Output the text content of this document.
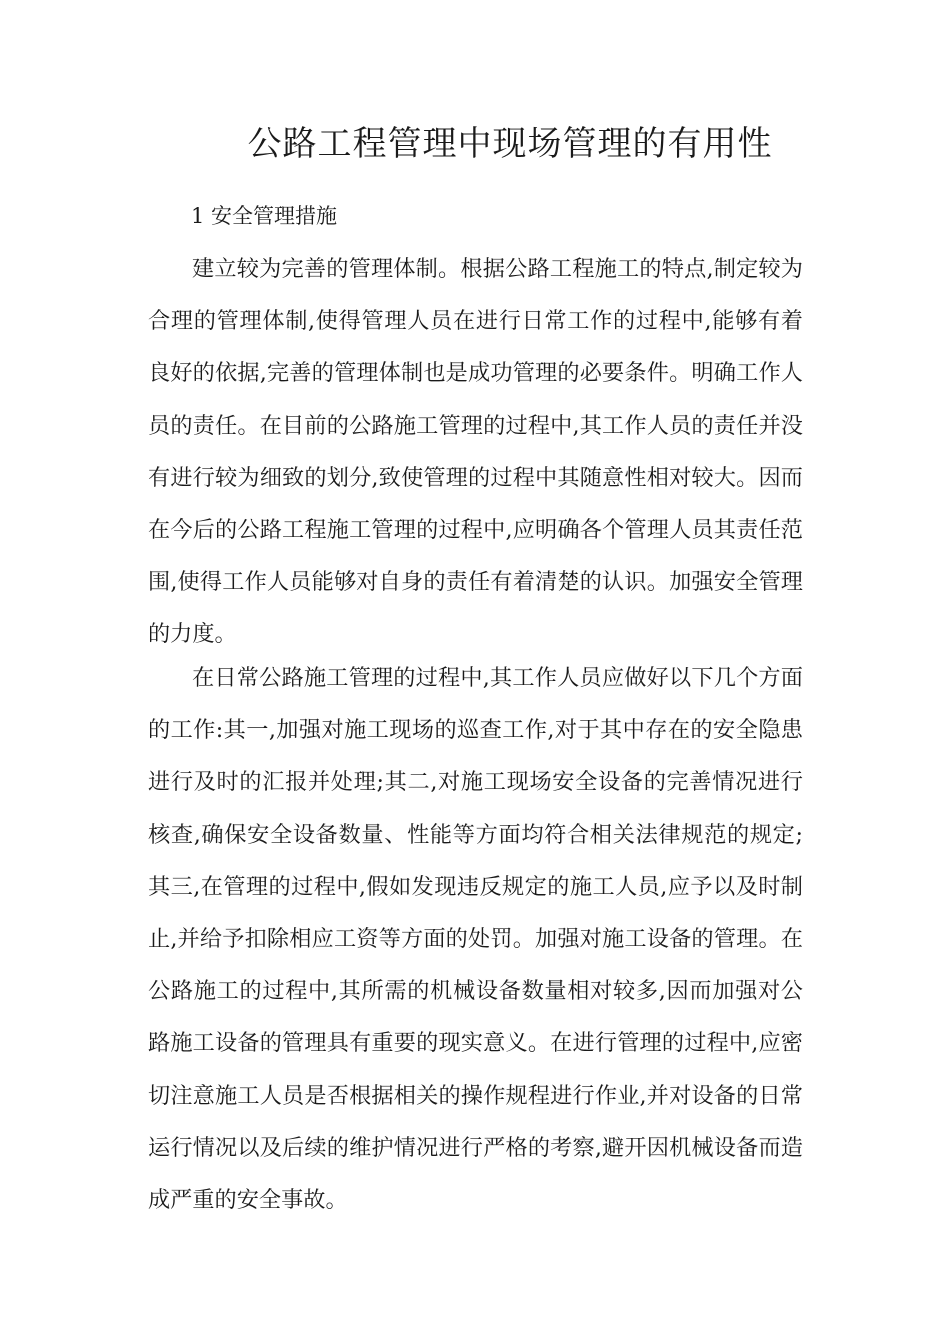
公路工程管理中现场管理的有用性
1 安全管理措施

建立较为完善的管理体制。根据公路工程施工的特点,制定较为合理的管理体制,使得管理人员在进行日常工作的过程中,能够有着良好的依据,完善的管理体制也是成功管理的必要条件。明确工作人员的责任。在目前的公路施工管理的过程中,其工作人员的责任并没有进行较为细致的划分,致使管理的过程中其随意性相对较大。因而在今后的公路工程施工管理的过程中,应明确各个管理人员其责任范围,使得工作人员能够对自身的责任有着清楚的认识。加强安全管理的力度。

在日常公路施工管理的过程中,其工作人员应做好以下几个方面的工作:其一,加强对施工现场的巡查工作,对于其中存在的安全隐患进行及时的汇报并处理;其二,对施工现场安全设备的完善情况进行核查,确保安全设备数量、性能等方面均符合相关法律规范的规定;其三,在管理的过程中,假如发现违反规定的施工人员,应予以及时制止,并给予扣除相应工资等方面的处罚。加强对施工设备的管理。在公路施工的过程中,其所需的机械设备数量相对较多,因而加强对公路施工设备的管理具有重要的现实意义。在进行管理的过程中,应密切注意施工人员是否根据相关的操作规程进行作业,并对设备的日常运行情况以及后续的维护情况进行严格的考察,避开因机械设备而造成严重的安全事故。
